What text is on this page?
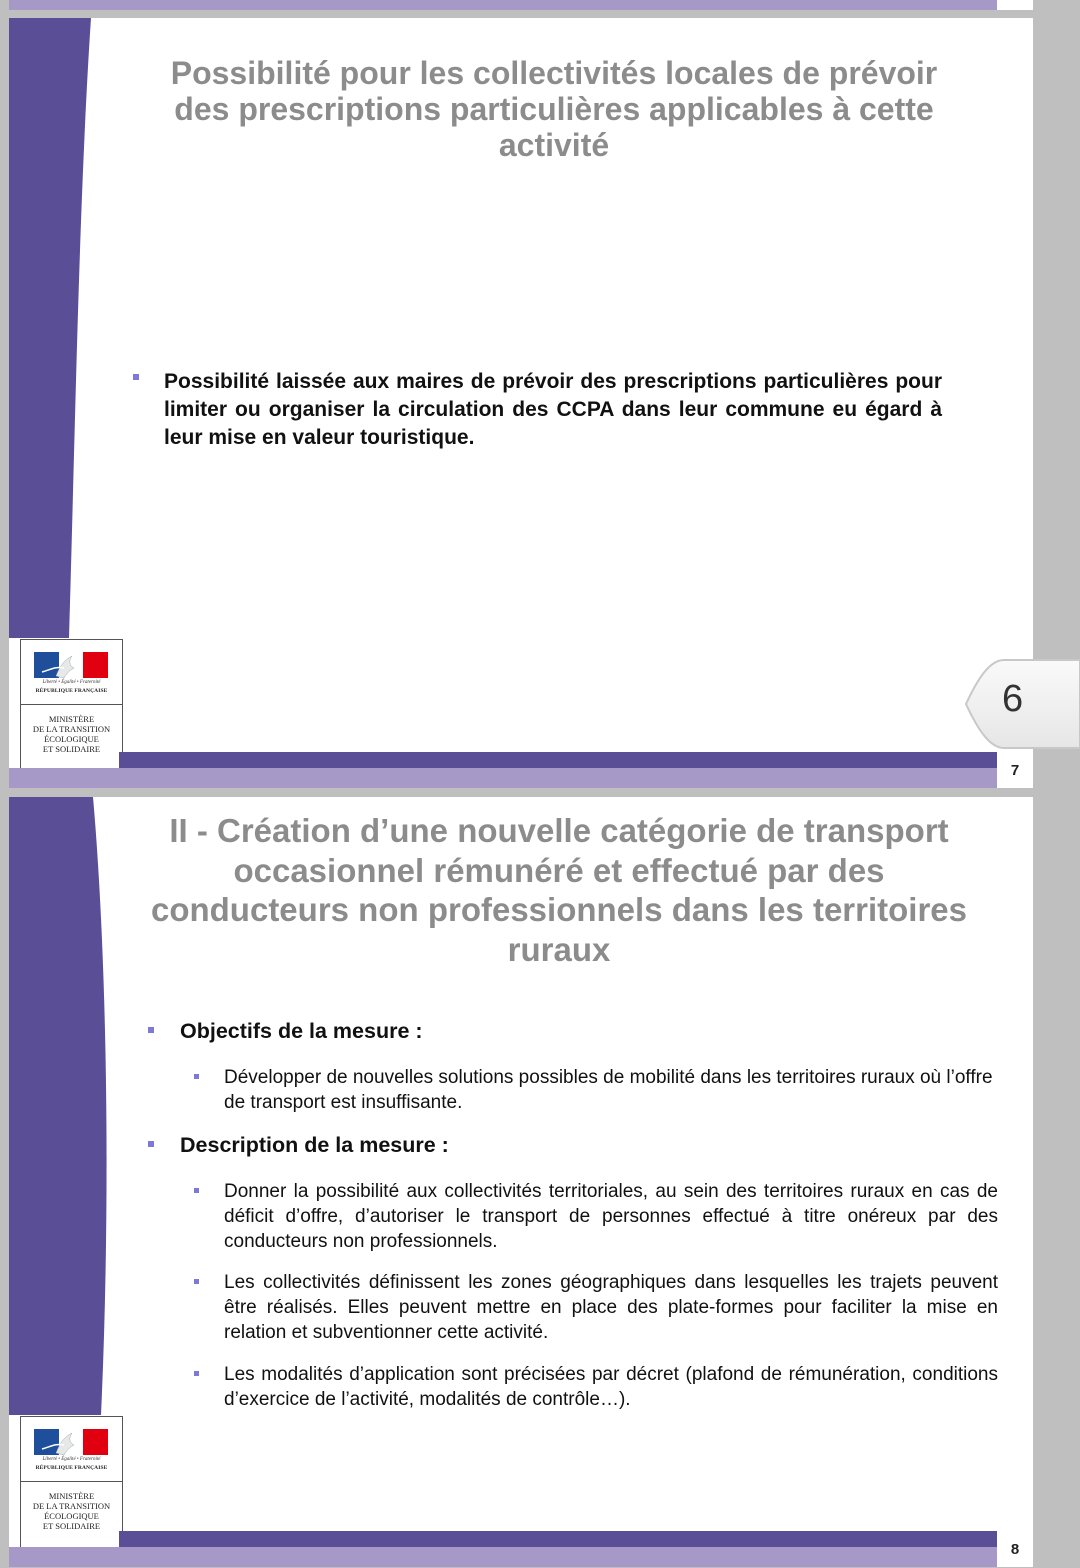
Possibilité pour les collectivités locales de prévoir des prescriptions particulières applicables à cette activité
Possibilité laissée aux maires de prévoir des prescriptions particulières pour limiter ou organiser la circulation des CCPA dans leur commune eu égard à leur mise en valeur touristique.
Liberté • Égalité • Fraternité
RÉPUBLIQUE FRANÇAISE
MINISTÈRE
DE LA TRANSITION
ÉCOLOGIQUE
ET SOLIDAIRE
7
II - Création d’une nouvelle catégorie de transport occasionnel rémunéré et effectué par des conducteurs non professionnels dans les territoires ruraux
Objectifs de la mesure :
Développer de nouvelles solutions possibles de mobilité dans les territoires ruraux où l’offre de transport est insuffisante.
Description de la mesure :
Donner la possibilité aux collectivités territoriales, au sein des territoires ruraux en cas de déficit d’offre, d’autoriser le transport de personnes effectué à titre onéreux par des conducteurs non professionnels.
Les collectivités définissent les zones géographiques dans lesquelles les trajets peuvent être réalisés. Elles peuvent mettre en place des plate-formes pour faciliter la mise en relation et subventionner cette activité.
Les modalités d’application sont précisées par décret (plafond de rémunération, conditions d’exercice de l’activité, modalités de contrôle…).
Liberté • Égalité • Fraternité
RÉPUBLIQUE FRANÇAISE
MINISTÈRE
DE LA TRANSITION
ÉCOLOGIQUE
ET SOLIDAIRE
8
6
